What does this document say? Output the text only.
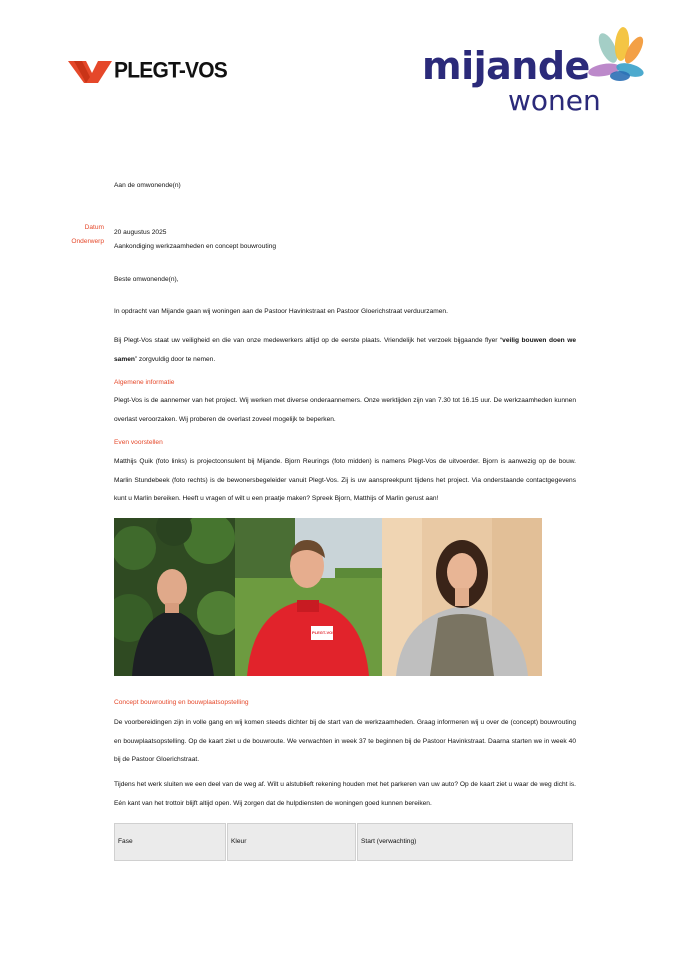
PLEGT-VOS	mijande
wonen
Aan de omwonende(n)
Datum
20 augustus 2025
Onderwerp
Aankondiging werkzaamheden en concept bouwrouting
Beste omwonende(n),
In opdracht van Mijande gaan wij woningen aan de Pastoor Havinkstraat en Pastoor Gloerichstraat verduurzamen.
Bij Plegt-Vos staat uw veiligheid en die van onze medewerkers altijd op de eerste plaats. Vriendelijk het verzoek bijgaande flyer “veilig bouwen doen we samen” zorgvuldig door te nemen.
Algemene informatie
Plegt-Vos is de aannemer van het project. Wij werken met diverse onderaannemers. Onze werktijden zijn van 7.30 tot 16.15 uur. De werkzaamheden kunnen overlast veroorzaken. Wij proberen de overlast zoveel mogelijk te beperken.
Even voorstellen
Matthijs Quik (foto links) is projectconsulent bij Mijande. Bjorn Reurings (foto midden) is namens Plegt-Vos de uitvoerder. Bjorn is aanwezig op de bouw. Marlin Stundebeek (foto rechts) is de bewonersbegeleider vanuit Plegt-Vos. Zij is uw aanspreekpunt tijdens het project. Via onderstaande contactgegevens kunt u Marlin bereiken. Heeft u vragen of wilt u een praatje maken? Spreek Bjorn, Matthijs of Marlin gerust aan!
PLEGT-VOS
Concept bouwrouting en bouwplaatsopstelling
De voorbereidingen zijn in volle gang en wij komen steeds dichter bij de start van de werkzaamheden. Graag informeren wij u over de (concept) bouwrouting en bouwplaatsopstelling. Op de kaart ziet u de bouwroute. We verwachten in week 37 te beginnen bij de Pastoor Havinkstraat. Daarna starten we in week 40 bij de Pastoor Gloerichstraat.
Tijdens het werk sluiten we een deel van de weg af. Wilt u alstublieft rekening houden met het parkeren van uw auto? Op de kaart ziet u waar de weg dicht is. Eén kant van het trottoir blijft altijd open. Wij zorgen dat de hulpdiensten de woningen goed kunnen bereiken.
Fase	Kleur	Start (verwachting)
